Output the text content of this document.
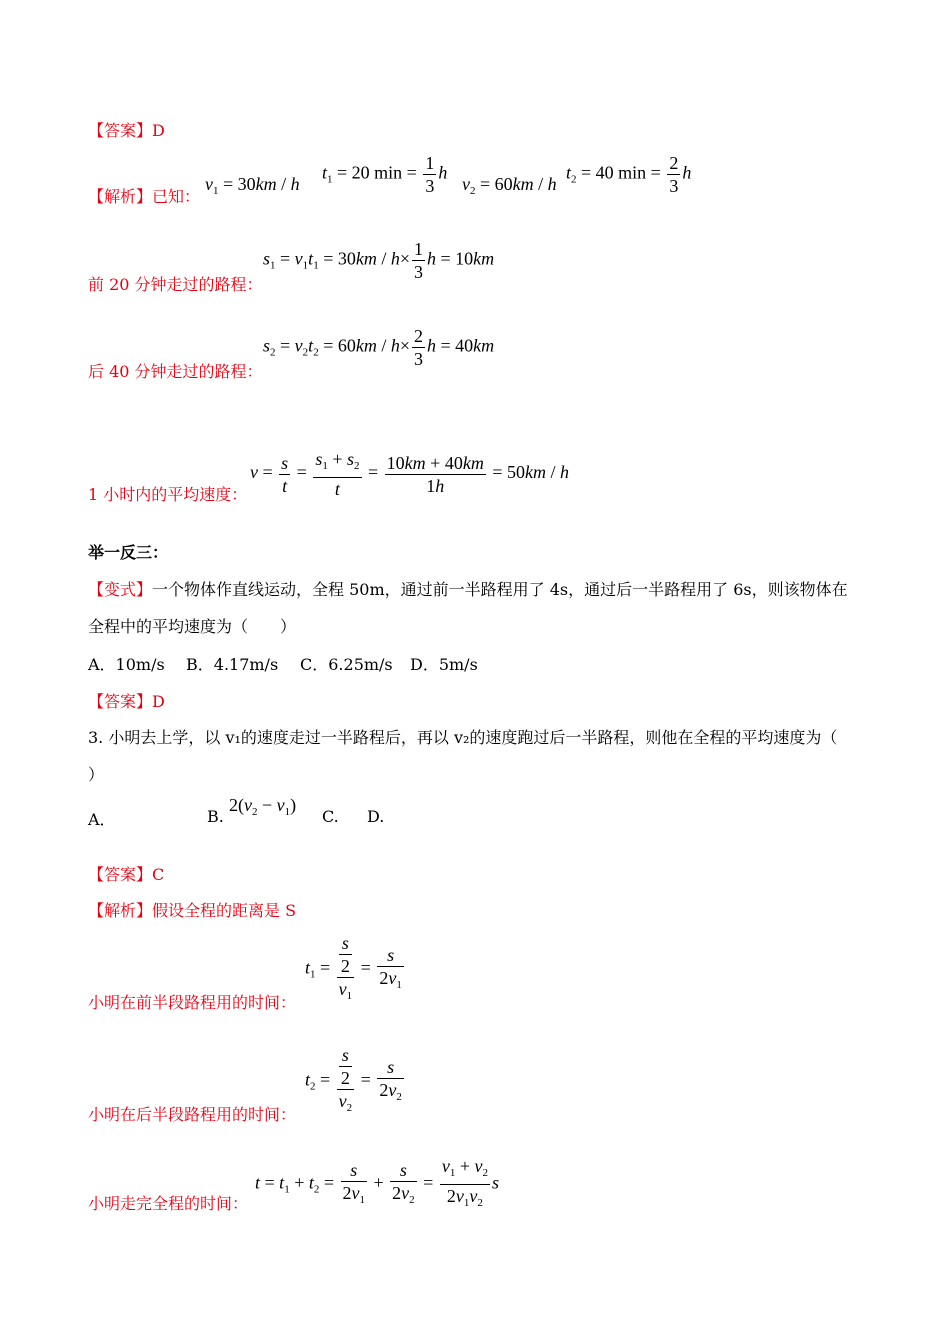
【答案】D
【解析】已知：
$v_1 = 30km / h$
$t_1 = 20$ $\min = \frac{1}{3}$ h
$v_2 = 60km / h$
$t_2 = 40$ $\min = \frac{2}{3}$ h
$s_1 = v_1t_1 = 30km / h\times \frac{1}{3}$ h = 10km
前 20 分钟走过的路程：
$s_2 = v_2t_2 = 60km / h\times \frac{2}{3}$ h = 40km
后 40 分钟走过的路程：
$v = \frac{s}{t} = \frac{s_1 + s_2}{t} = \frac{10km + 40km}{1h} = 50km / h$
1 小时内的平均速度：
举一反三：
【变式】一个物体作直线运动，全程 50m，通过前一半路程用了 4s，通过后一半路程用了 6s，则该物体在
全程中的平均速度为（　　）
A．10m/s B．4.17m/s C．6.25m/s D．5m/s
【答案】D
3. 小明去上学，以 v₁的速度走过一半路程后，再以 v₂的速度跑过后一半路程，则他在全程的平均速度为（
）
A．	B.
$2(v_2 - v_1)$
C. D.
【答案】C
【解析】假设全程的距离是 S
$t_1 = \frac{\frac{s}{2}}{v_1} = \frac{s}{2v_1}$
小明在前半段路程用的时间：
$t_2 = \frac{\frac{s}{2}}{v_2} = \frac{s}{2v_2}$
小明在后半段路程用的时间：
$t = t_1 + t_2 = \frac{s}{2v_1} + \frac{s}{2v_2} = \frac{v_1 + v_2}{2v_1v_2}$ s
小明走完全程的时间：
